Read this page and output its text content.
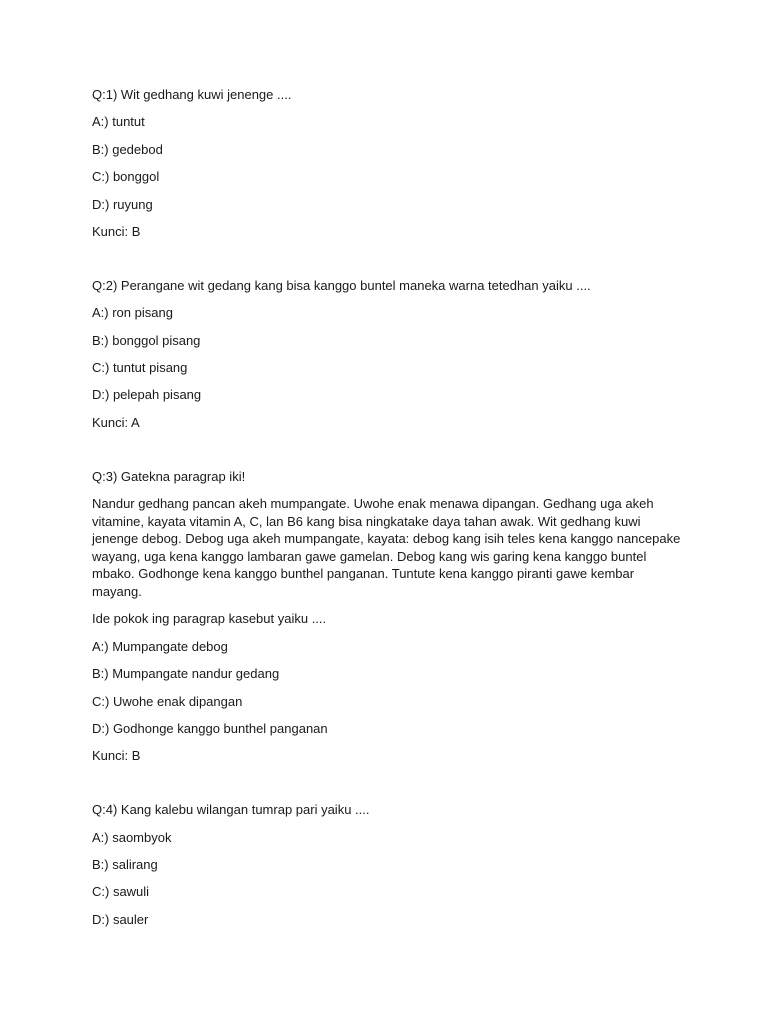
Q:1) Wit gedhang kuwi jenenge ....

A:) tuntut

B:) gedebod

C:) bonggol

D:) ruyung

Kunci: B

Q:2) Perangane wit gedang kang bisa kanggo buntel maneka warna tetedhan yaiku ....

A:) ron pisang

B:) bonggol pisang

C:) tuntut pisang

D:) pelepah pisang

Kunci: A

Q:3) Gatekna paragrap iki!

Nandur gedhang pancan akeh mumpangate. Uwohe enak menawa dipangan. Gedhang uga akeh vitamine, kayata vitamin A, C, lan B6 kang bisa ningkatake daya tahan awak. Wit gedhang kuwi jenenge debog. Debog uga akeh mumpangate, kayata: debog kang isih teles kena kanggo nancepake wayang, uga kena kanggo lambaran gawe gamelan. Debog kang wis garing kena kanggo buntel mbako. Godhonge kena kanggo bunthel panganan. Tuntute kena kanggo piranti gawe kembar mayang.

Ide pokok ing paragrap kasebut yaiku ....

A:) Mumpangate debog

B:) Mumpangate nandur gedang

C:) Uwohe enak dipangan

D:) Godhonge kanggo bunthel panganan

Kunci: B

Q:4) Kang kalebu wilangan tumrap pari yaiku ....

A:) saombyok

B:) salirang

C:) sawuli

D:) sauler
